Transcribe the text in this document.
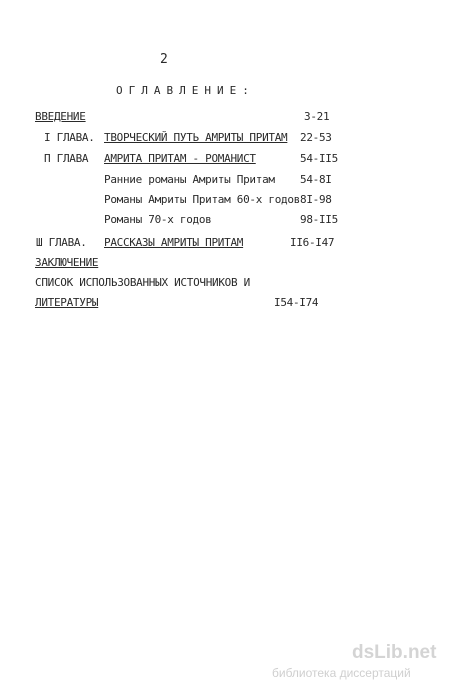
2
ОГЛАВЛЕНИЕ:
ВВЕДЕНИЕ	3-21
I ГЛАВА. ТВОРЧЕСКИЙ ПУТЬ АМРИТЫ ПРИТАМ 22-53
П ГЛАВА АМРИТА ПРИТАМ - РОМАНИСТ	54-II5
Ранние романы Амриты Притам 54-8I
Романы Амриты Притам 60-х годов 8I-98
Романы 70-х годов	98-II5
Ш ГЛАВА. РАССКАЗЫ АМРИТЫ ПРИТАМ	II6-I47
ЗАКЛЮЧЕНИЕ
СПИСОК ИСПОЛЬЗОВАННЫХ ИСТОЧНИКОВ И
ЛИТЕРАТУРЫ	I54-I74
dsLib.net
библиотека диссертаций
